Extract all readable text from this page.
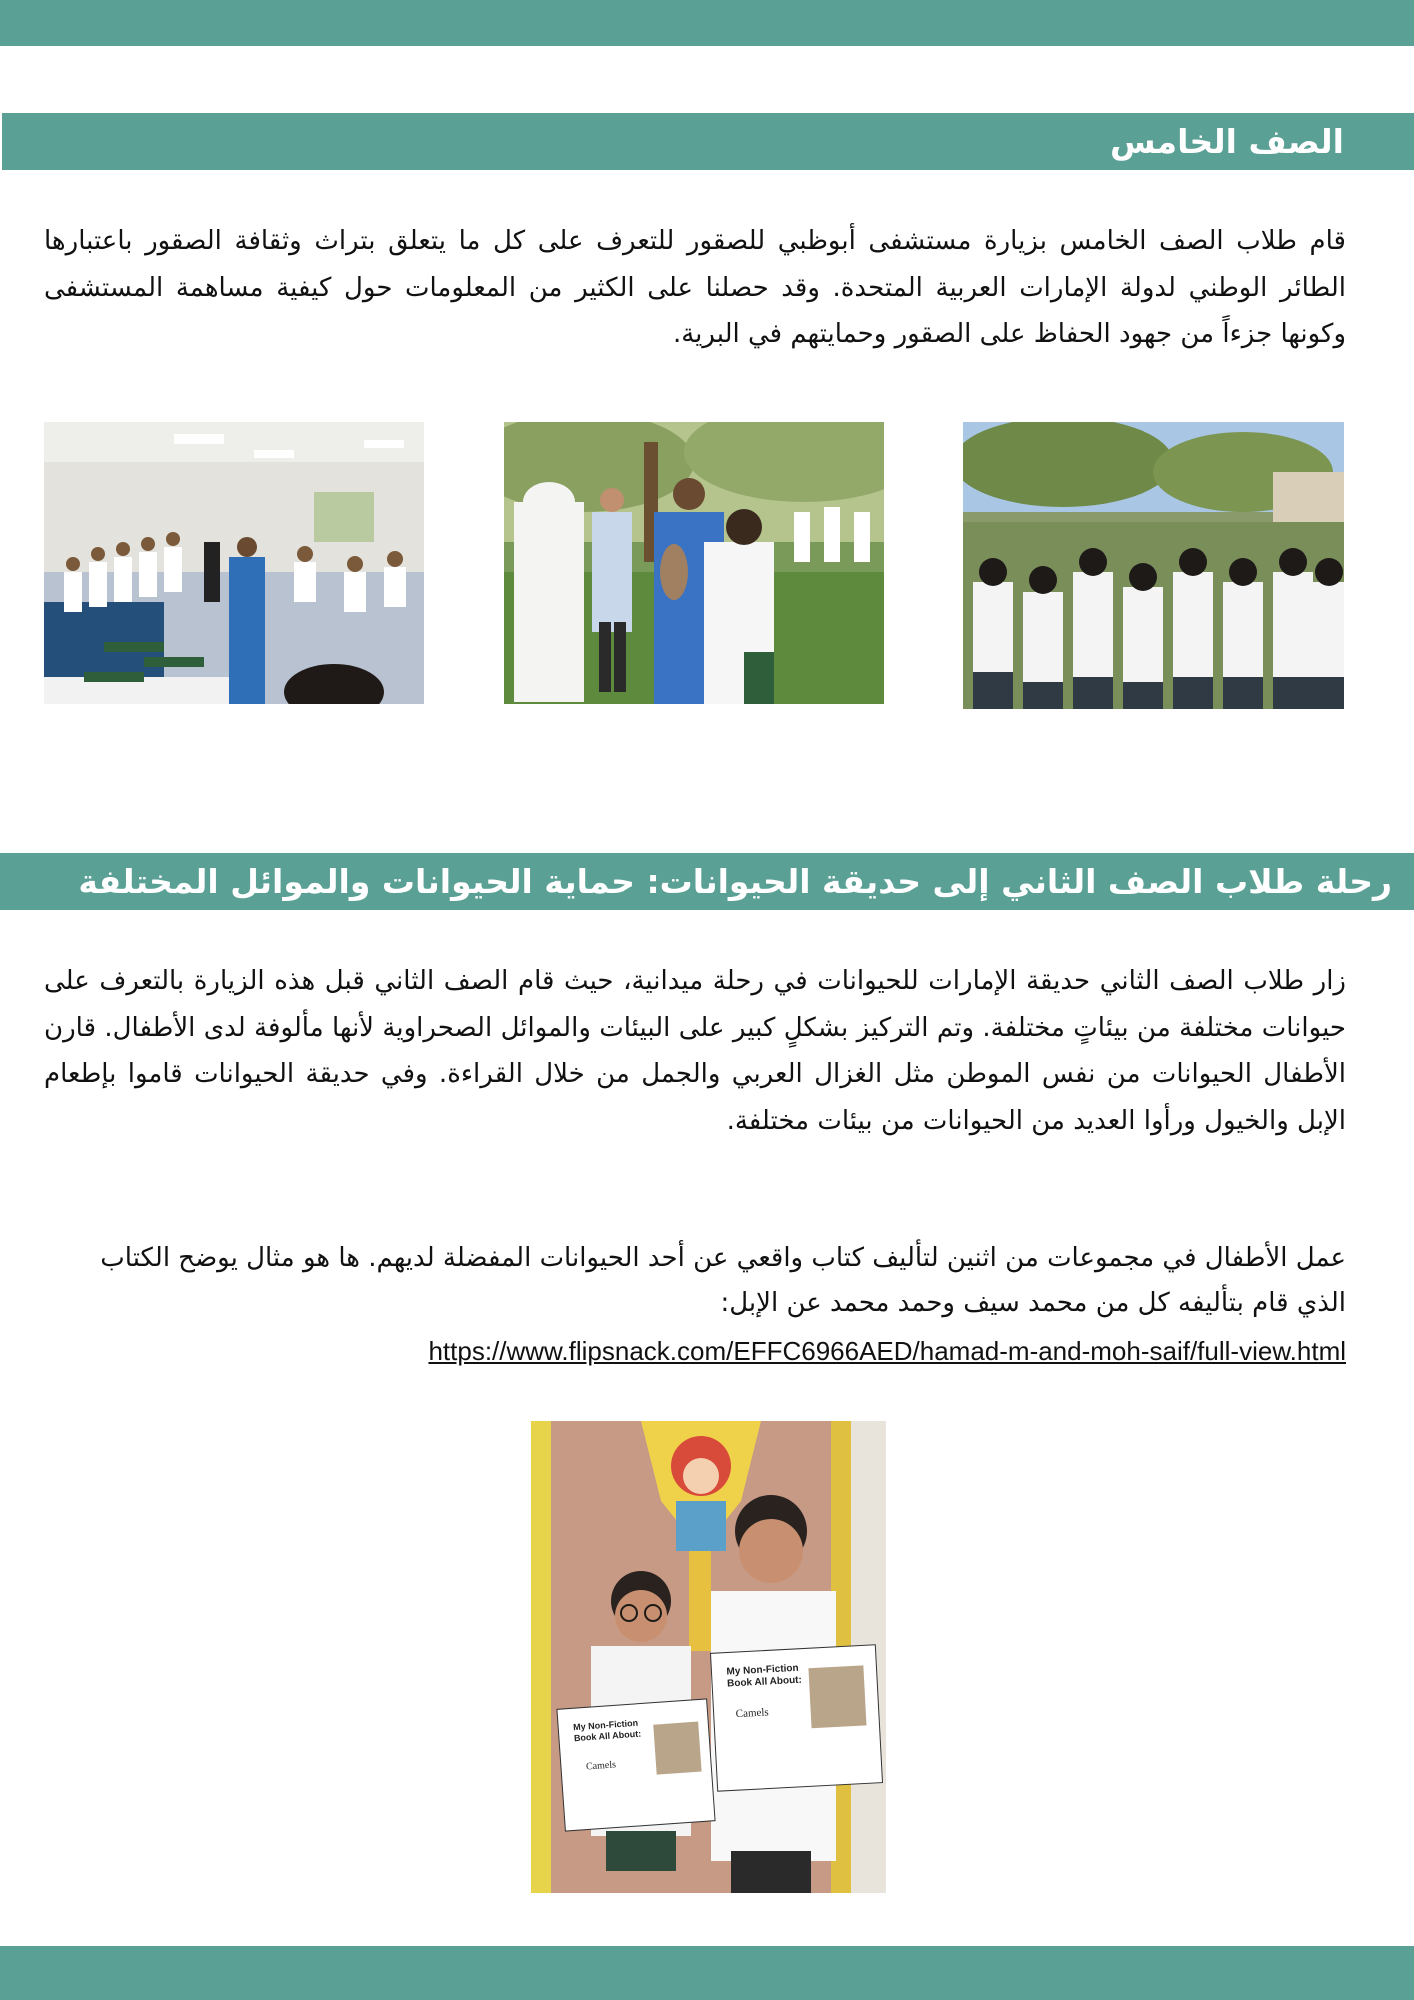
الصف الخامس

قام طلاب الصف الخامس بزيارة مستشفى أبوظبي للصقور للتعرف على كل ما يتعلق بتراث وثقافة الصقور باعتبارها الطائر الوطني لدولة الإمارات العربية المتحدة. وقد حصلنا على الكثير من المعلومات حول كيفية مساهمة المستشفى وكونها جزءاً من جهود الحفاظ على الصقور وحمايتهم في البرية.

رحلة طلاب الصف الثاني إلى حديقة الحيوانات: حماية الحيوانات والموائل المختلفة

زار طلاب الصف الثاني حديقة الإمارات للحيوانات في رحلة ميدانية، حيث قام الصف الثاني قبل هذه الزيارة بالتعرف على حيوانات مختلفة من بيئاتٍ مختلفة. وتم التركيز بشكلٍ كبير على البيئات والموائل الصحراوية لأنها مألوفة لدى الأطفال. قارن الأطفال الحيوانات من نفس الموطن مثل الغزال العربي والجمل من خلال القراءة. وفي حديقة الحيوانات قاموا بإطعام الإبل والخيول ورأوا العديد من الحيوانات من بيئات مختلفة.

عمل الأطفال في مجموعات من اثنين لتأليف كتاب واقعي عن أحد الحيوانات المفضلة لديهم. ها هو مثال يوضح الكتاب الذي قام بتأليفه كل من محمد سيف وحمد محمد عن الإبل:

https://www.flipsnack.com/EFFC6966AED/hamad-m-and-moh-saif/full-view.html
My Non-Fiction
Book All About:
Camels
My Non-Fiction
Book All About:
Camels
